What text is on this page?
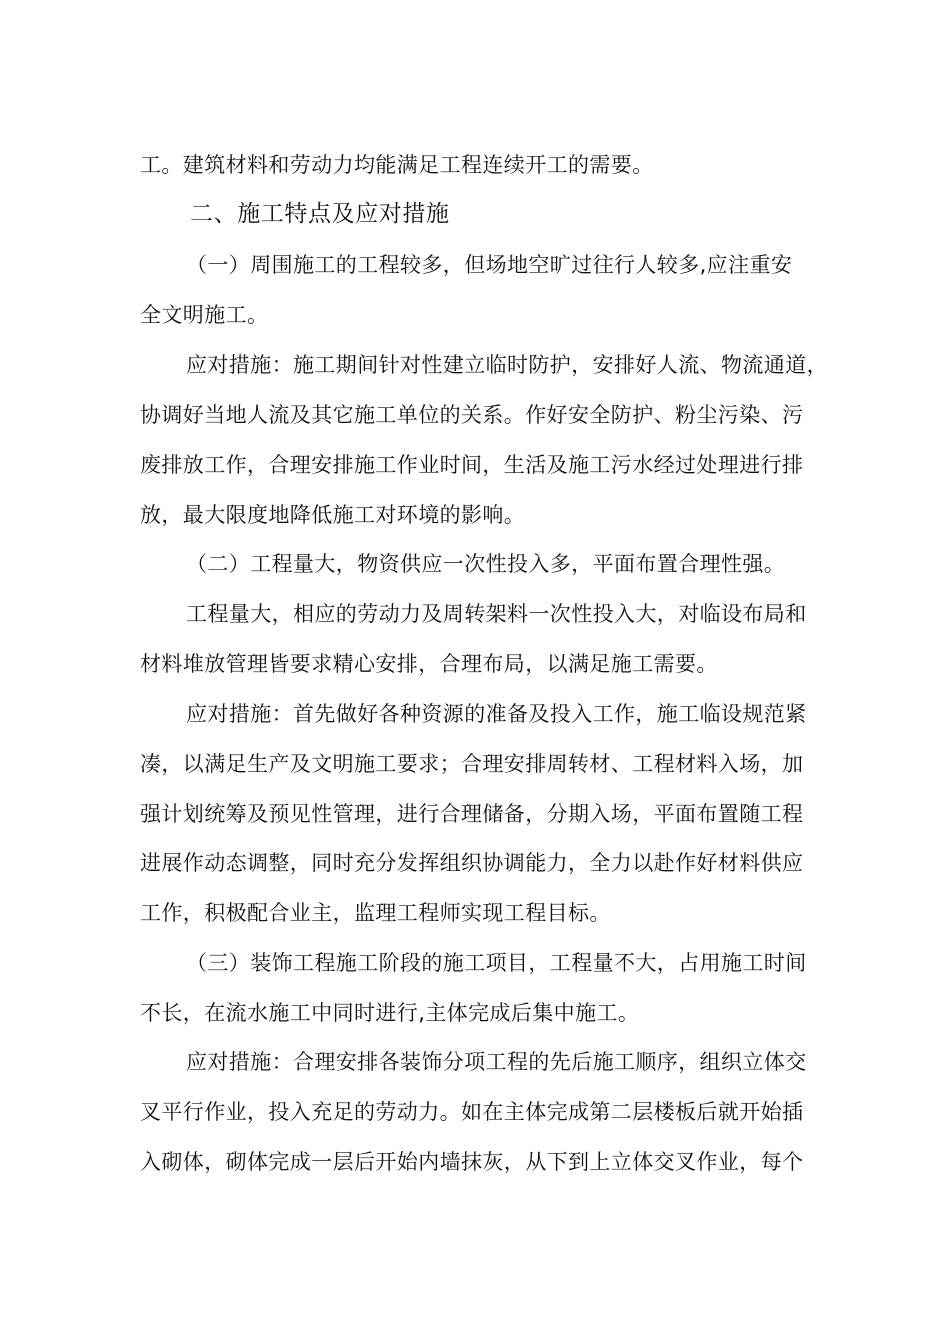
工。建筑材料和劳动力均能满足工程连续开工的需要。
二、施工特点及应对措施
（一）周围施工的工程较多，但场地空旷过往行人较多,应注重安
全文明施工。
应对措施：施工期间针对性建立临时防护，安排好人流、物流通道，
协调好当地人流及其它施工单位的关系。作好安全防护、粉尘污染、污
废排放工作，合理安排施工作业时间，生活及施工污水经过处理进行排
放，最大限度地降低施工对环境的影响。
（二）工程量大，物资供应一次性投入多，平面布置合理性强。
工程量大，相应的劳动力及周转架料一次性投入大，对临设布局和
材料堆放管理皆要求精心安排，合理布局，以满足施工需要。
应对措施：首先做好各种资源的准备及投入工作，施工临设规范紧
凑，以满足生产及文明施工要求；合理安排周转材、工程材料入场，加
强计划统筹及预见性管理，进行合理储备，分期入场，平面布置随工程
进展作动态调整，同时充分发挥组织协调能力，全力以赴作好材料供应
工作，积极配合业主，监理工程师实现工程目标。
（三）装饰工程施工阶段的施工项目，工程量不大，占用施工时间
不长，在流水施工中同时进行,主体完成后集中施工。
应对措施：合理安排各装饰分项工程的先后施工顺序，组织立体交
叉平行作业，投入充足的劳动力。如在主体完成第二层楼板后就开始插
入砌体，砌体完成一层后开始内墙抹灰，从下到上立体交叉作业，每个
